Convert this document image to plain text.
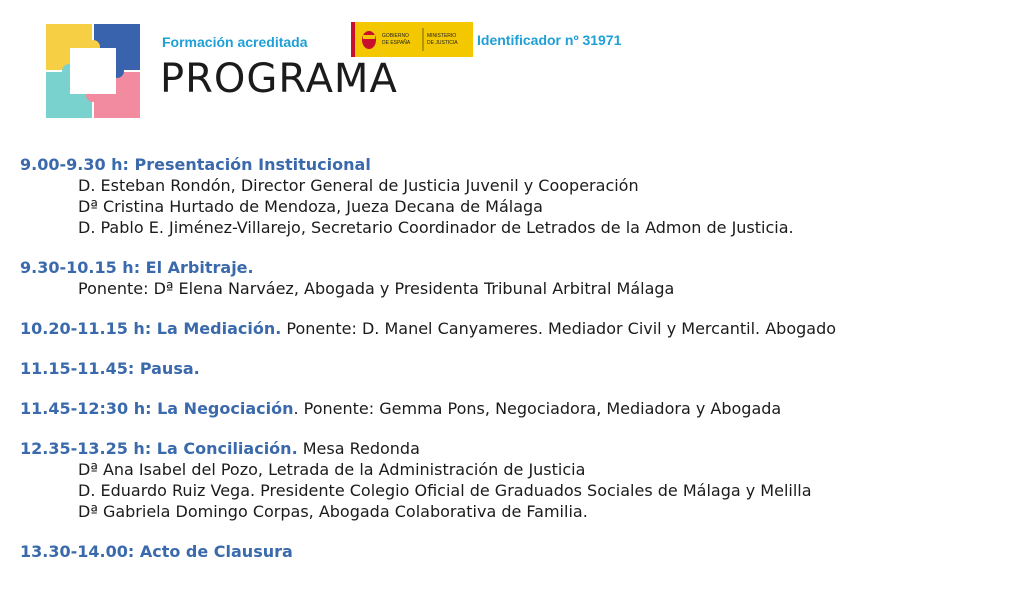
Formación acreditada	GOBIERNO
DE ESPAÑA
MINISTERIO
DE JUSTICIA Identificador nº 31971
PROGRAMA
9.00-9.30 h: Presentación Institucional
D. Esteban Rondón, Director General de Justicia Juvenil y Cooperación
Dª Cristina Hurtado de Mendoza, Jueza Decana de Málaga
D. Pablo E. Jiménez-Villarejo, Secretario Coordinador de Letrados de la Admon de Justicia.
9.30-10.15 h: El Arbitraje.
Ponente: Dª Elena Narváez, Abogada y Presidenta Tribunal Arbitral Málaga
10.20-11.15 h: La Mediación. Ponente: D. Manel Canyameres. Mediador Civil y Mercantil. Abogado
11.15-11.45: Pausa.
11.45-12:30 h: La Negociación. Ponente: Gemma Pons, Negociadora, Mediadora y Abogada
12.35-13.25 h: La Conciliación. Mesa Redonda
Dª Ana Isabel del Pozo, Letrada de la Administración de Justicia
D. Eduardo Ruiz Vega. Presidente Colegio Oficial de Graduados Sociales de Málaga y Melilla
Dª Gabriela Domingo Corpas, Abogada Colaborativa de Familia.
13.30-14.00: Acto de Clausura
